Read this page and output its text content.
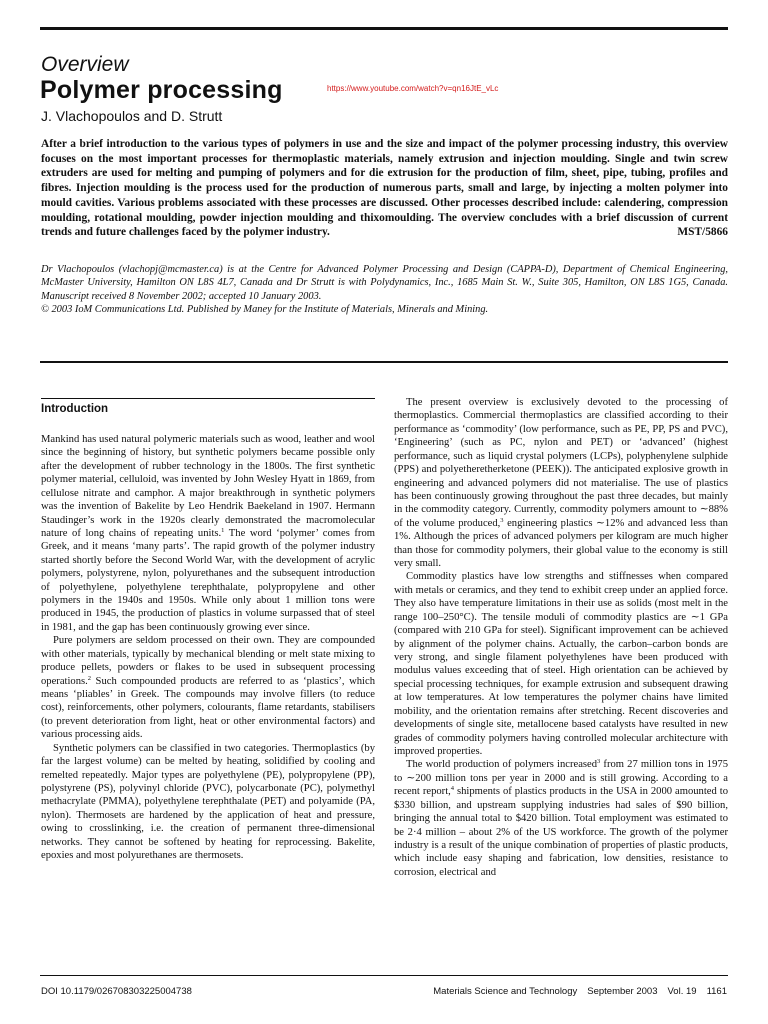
Overview
Polymer processing	https://www.youtube.com/watch?v=qn16JtE_vLc
J. Vlachopoulos and D. Strutt

After a brief introduction to the various types of polymers in use and the size and impact of the polymer processing industry, this overview focuses on the most important processes for thermoplastic materials, namely extrusion and injection moulding. Single and twin screw extruders are used for melting and pumping of polymers and for die extrusion for the production of film, sheet, pipe, tubing, profiles and fibres. Injection moulding is the process used for the production of numerous parts, small and large, by injecting a molten polymer into mould cavities. Various problems associated with these processes are discussed. Other processes described include: calendering, compression moulding, rotational moulding, powder injection moulding and thixomoulding. The overview concludes with a brief discussion of current trends and future challenges faced by the polymer industry.	MST/5866

Dr Vlachopoulos (vlachopj@mcmaster.ca) is at the Centre for Advanced Polymer Processing and Design (CAPPA-D), Department of Chemical Engineering, McMaster University, Hamilton ON L8S 4L7, Canada and Dr Strutt is with Polydynamics, Inc., 1685 Main St. W., Suite 305, Hamilton, ON L8S 1G5, Canada. Manuscript received 8 November 2002; accepted 10 January 2003.

© 2003 IoM Communications Ltd. Published by Maney for the Institute of Materials, Minerals and Mining.

Introduction

Mankind has used natural polymeric materials such as wood, leather and wool since the beginning of history, but synthetic polymers became possible only after the development of rubber technology in the 1800s. The first synthetic polymer material, celluloid, was invented by John Wesley Hyatt in 1869, from cellulose nitrate and camphor. A major breakthrough in synthetic polymers was the invention of Bakelite by Leo Hendrik Baekeland in 1907. Hermann Staudinger’s work in the 1920s clearly demonstrated the macromolecular nature of long chains of repeating units.$^1$ The word ‘polymer’ comes from Greek, and it means ‘many parts’. The rapid growth of the polymer industry started shortly before the Second World War, with the development of acrylic polymers, polystyrene, nylon, polyurethanes and the subsequent introduction of polyethylene, polyethylene terephthalate, polypropylene and other polymers in the 1940s and 1950s. While only about 1 million tons were produced in 1945, the production of plastics in volume surpassed that of steel in 1981, and the gap has been continuously growing ever since.

Pure polymers are seldom processed on their own. They are compounded with other materials, typically by mechanical blending or melt state mixing to produce pellets, powders or flakes to be used in subsequent processing operations.$^2$ Such compounded products are referred to as ‘plastics’, which means ‘pliables’ in Greek. The compounds may involve fillers (to reduce cost), reinforcements, other polymers, colourants, flame retardants, stabilisers (to prevent deterioration from light, heat or other environmental factors) and various processing aids.

Synthetic polymers can be classified in two categories. Thermoplastics (by far the largest volume) can be melted by heating, solidified by cooling and remelted repeatedly. Major types are polyethylene (PE), polypropylene (PP), polystyrene (PS), polyvinyl chloride (PVC), polycarbonate (PC), polymethyl methacrylate (PMMA), polyethylene terephthalate (PET) and polyamide (PA, nylon). Thermosets are hardened by the application of heat and pressure, owing to crosslinking, i.e. the creation of permanent three-dimensional networks. They cannot be softened by heating for reprocessing. Bakelite, epoxies and most polyurethanes are thermosets.

The present overview is exclusively devoted to the processing of thermoplastics. Commercial thermoplastics are classified according to their performance as ‘commodity’ (low performance, such as PE, PP, PS and PVC), ‘Engineering’ (such as PC, nylon and PET) or ‘advanced’ (highest performance, such as liquid crystal polymers (LCPs), polyphenylene sulphide (PPS) and polyetheretherketone (PEEK)). The anticipated explosive growth in engineering and advanced polymers did not materialise. The use of plastics has been continuously growing throughout the past three decades, but mainly in the commodity category. Currently, commodity polymers amount to ∼88% of the volume produced,$^3$ engineering plastics ∼12% and advanced less than 1%. Although the prices of advanced polymers per kilogram are much higher than those for commodity polymers, their global value to the economy is still very small.

Commodity plastics have low strengths and stiffnesses when compared with metals or ceramics, and they tend to exhibit creep under an applied force. They also have temperature limitations in their use as solids (most melt in the range 100–250°C). The tensile moduli of commodity plastics are ∼1 GPa (compared with 210 GPa for steel). Significant improvement can be achieved by alignment of the polymer chains. Actually, the carbon–carbon bonds are very strong, and single filament polyethylenes have been produced with modulus values exceeding that of steel. High orientation can be achieved by special processing techniques, for example extrusion and subsequent drawing at low temperatures. At low temperatures the polymer chains have limited mobility, and the orientation remains after stretching. Recent discoveries and developments of single site, metallocene based catalysts have resulted in new grades of commodity polymers having controlled molecular architecture with improved properties.

The world production of polymers increased$^3$ from 27 million tons in 1975 to ∼200 million tons per year in 2000 and is still growing. According to a recent report,$^4$ shipments of plastics products in the USA in 2000 amounted to $330 billion, and upstream supplying industries had sales of $90 billion, bringing the annual total to $420 billion. Total employment was estimated to be 2·4 million – about 2% of the US workforce. The growth of the polymer industry is a result of the unique combination of properties of plastic products, which include easy shaping and fabrication, low densities, resistance to corrosion, electrical and

DOI 10.1179/026708303225004738	Materials Science and Technology September 2003 Vol. 19 1161
